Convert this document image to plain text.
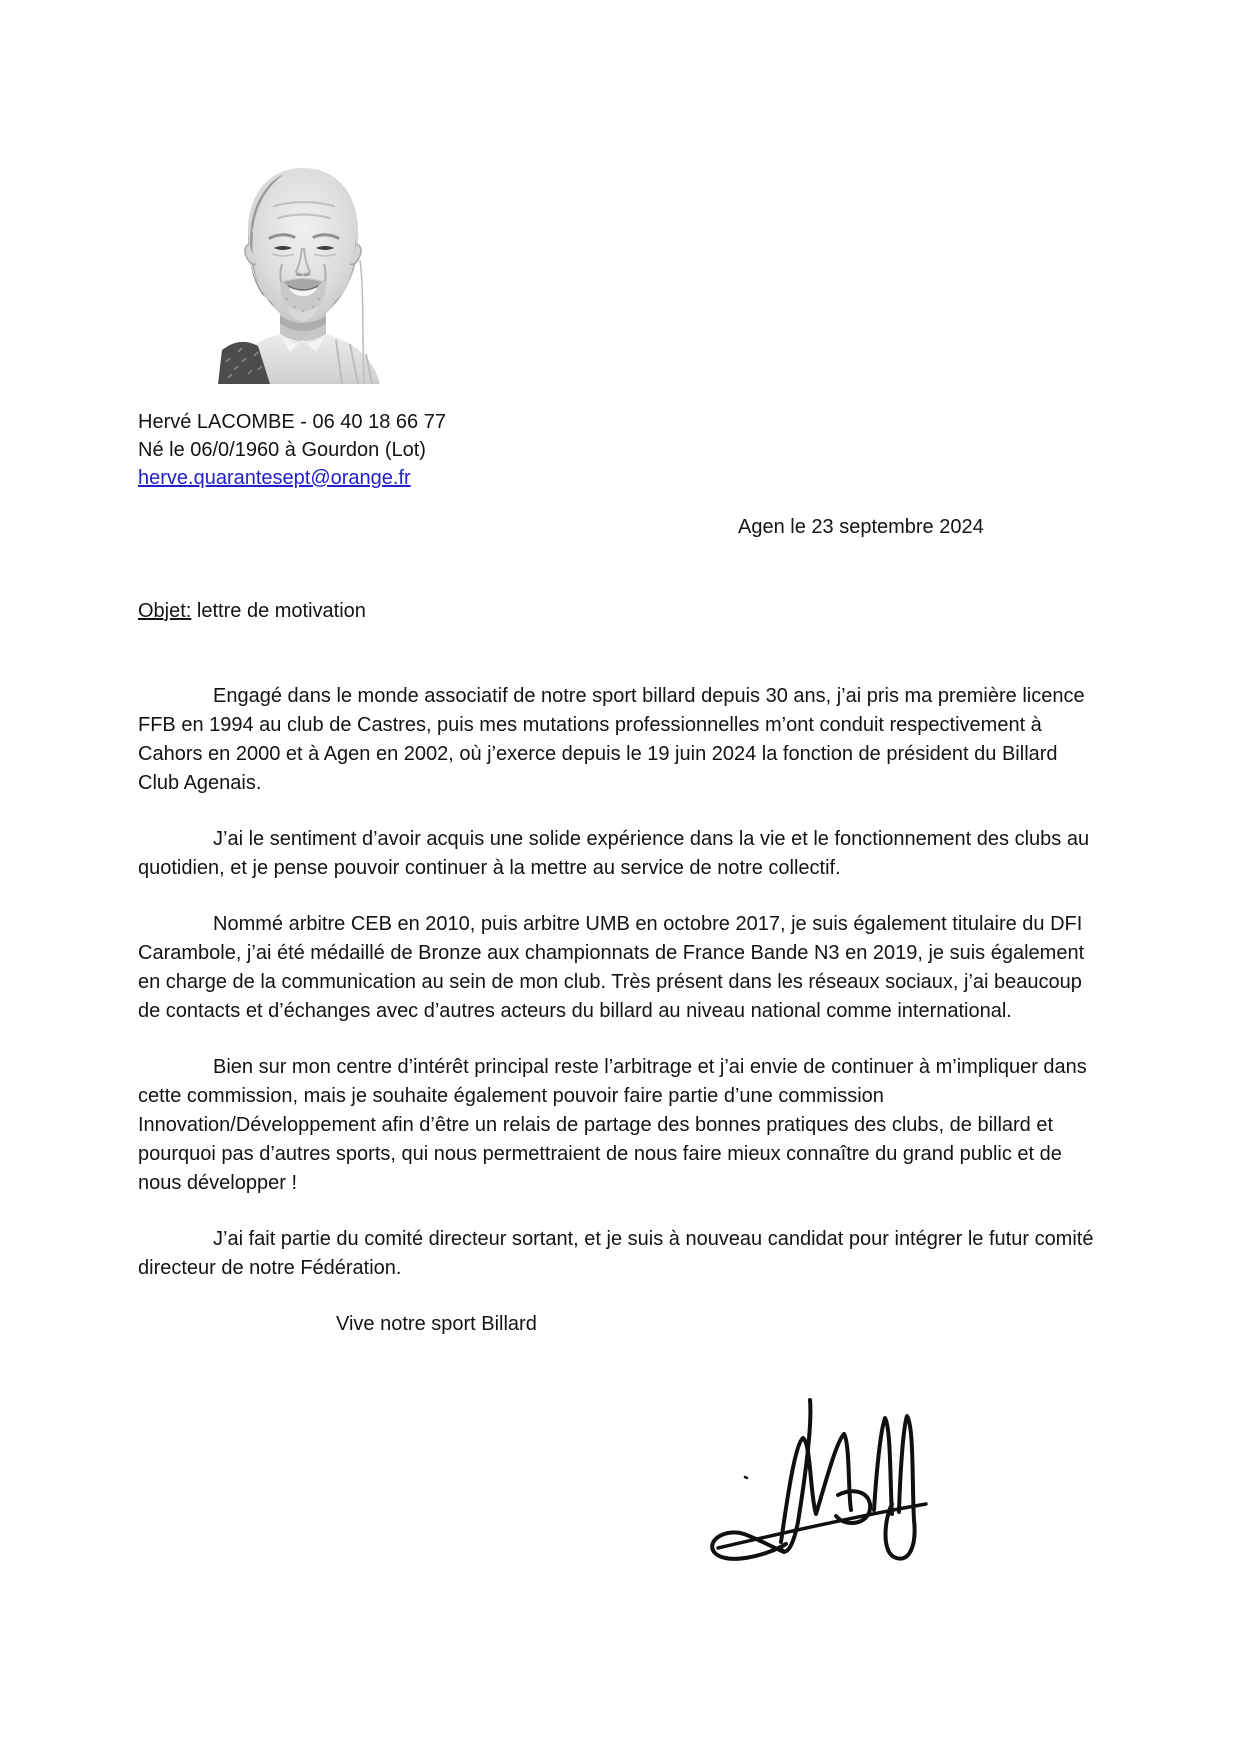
Hervé LACOMBE - 06 40 18 66 77
Né le 06/0/1960 à Gourdon (Lot)
herve.quarantesept@orange.fr
Agen le 23 septembre 2024
Objet: lettre de motivation

Engagé dans le monde associatif de notre sport billard depuis 30 ans, j’ai pris ma première licence FFB en 1994 au club de Castres, puis mes mutations professionnelles m’ont conduit respectivement à Cahors en 2000 et à Agen en 2002, où j’exerce depuis le 19 juin 2024 la fonction de président du Billard Club Agenais.

J’ai le sentiment d’avoir acquis une solide expérience dans la vie et le fonctionnement des clubs au quotidien, et je pense pouvoir continuer à la mettre au service de notre collectif.

Nommé arbitre CEB en 2010, puis arbitre UMB en octobre 2017, je suis également titulaire du DFI Carambole, j’ai été médaillé de Bronze aux championnats de France Bande N3 en 2019, je suis également en charge de la communication au sein de mon club. Très présent dans les réseaux sociaux, j’ai beaucoup de contacts et d’échanges avec d’autres acteurs du billard au niveau national comme international.

Bien sur mon centre d’intérêt principal reste l’arbitrage et j’ai envie de continuer à m’impliquer dans cette commission, mais je souhaite également pouvoir faire partie d’une commission Innovation/Développement afin d’être un relais de partage des bonnes pratiques des clubs, de billard et pourquoi pas d’autres sports, qui nous permettraient de nous faire mieux connaître du grand public et de nous développer !

J’ai fait partie du comité directeur sortant, et je suis à nouveau candidat pour intégrer le futur comité directeur de notre Fédération.

Vive notre sport Billard
